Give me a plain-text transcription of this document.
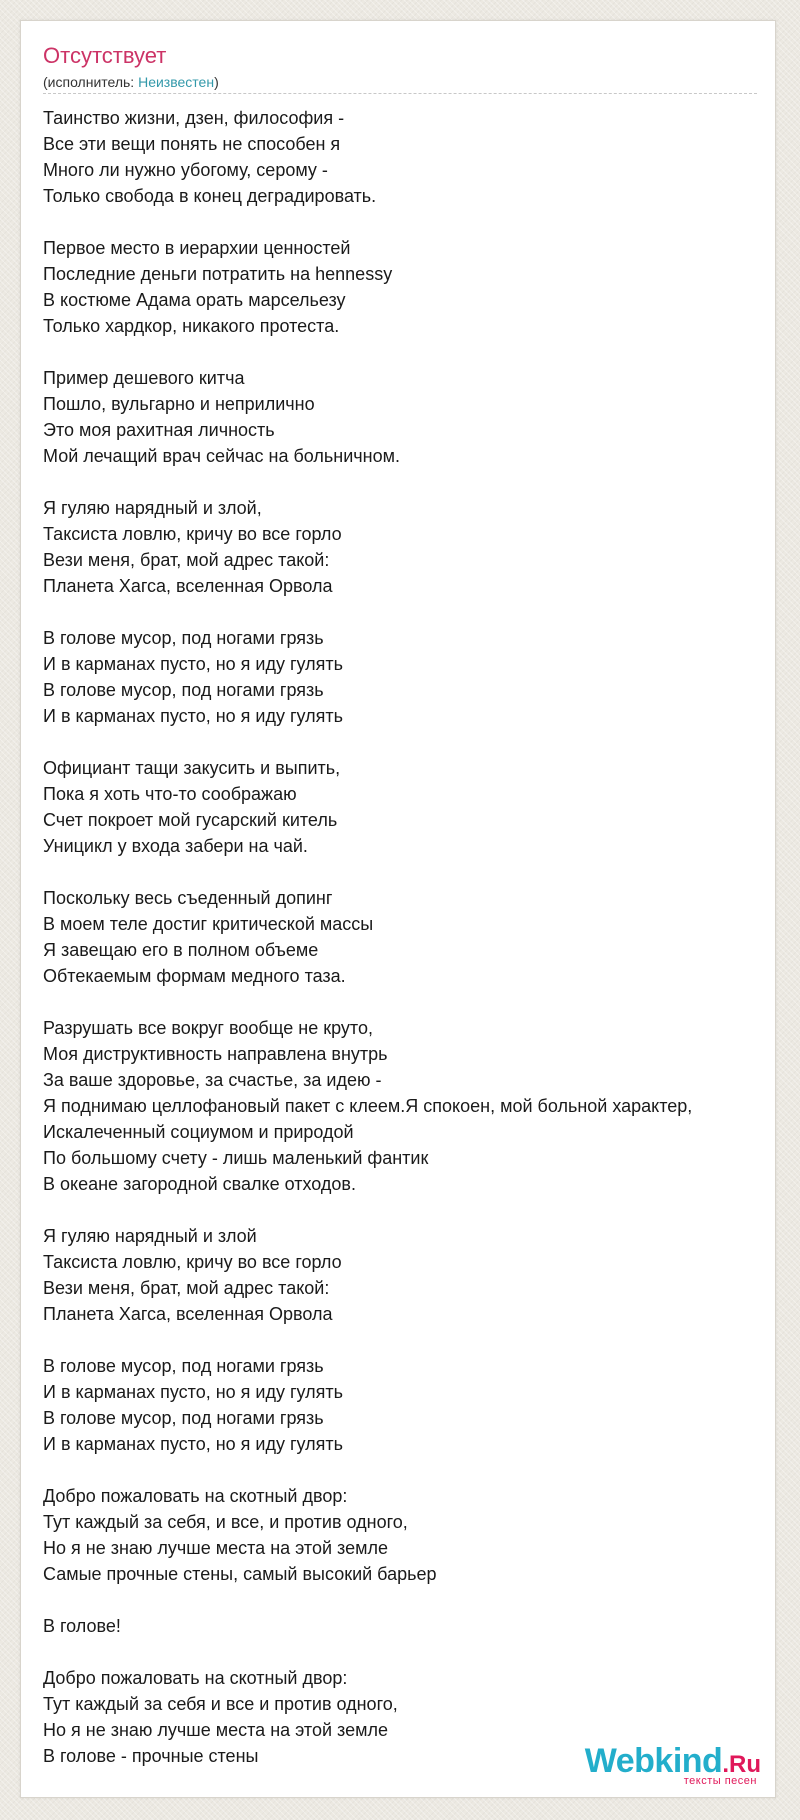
Отсутствует
(исполнитель: Неизвестен)
Таинство жизни, дзен, философия -
Все эти вещи понять не способен я
Много ли нужно убогому, серому -
Только свобода в конец деградировать.
Первое место в иерархии ценностей
Последние деньги потратить на hennessy
В костюме Адама орать марсельезу
Только хардкор, никакого протеста.
Пример дешевого китча
Пошло, вульгарно и неприлично
Это моя рахитная личность
Мой лечащий врач сейчас на больничном.
Я гуляю нарядный и злой,
Таксиста ловлю, кричу во все горло
Вези меня, брат, мой адрес такой:
Планета Хагса, вселенная Орвола
В голове мусор, под ногами грязь
И в карманах пусто, но я иду гулять
В голове мусор, под ногами грязь
И в карманах пусто, но я иду гулять
Официант тащи закусить и выпить,
Пока я хоть что-то соображаю
Счет покроет мой гусарский китель
Уницикл у входа забери на чай.
Поскольку весь съеденный допинг
В моем теле достиг критической массы
Я завещаю его в полном объеме
Обтекаемым формам медного таза.
Разрушать все вокруг вообще не круто,
Моя диструктивность направлена внутрь
За ваше здоровье, за счастье, за идею -
Я поднимаю целлофановый пакет с клеем.Я спокоен, мой больной характер,
Искалеченный социумом и природой
По большому счету - лишь маленький фантик
В океане загородной свалке отходов.
Я гуляю нарядный и злой
Таксиста ловлю, кричу во все горло
Вези меня, брат, мой адрес такой:
Планета Хагса, вселенная Орвола
В голове мусор, под ногами грязь
И в карманах пусто, но я иду гулять
В голове мусор, под ногами грязь
И в карманах пусто, но я иду гулять
Добро пожаловать на скотный двор:
Тут каждый за себя, и все, и против одного,
Но я не знаю лучше места на этой земле
Самые прочные стены, самый высокий барьер
В голове!
Добро пожаловать на скотный двор:
Тут каждый за себя и все и против одного,
Но я не знаю лучше места на этой земле
В голове - прочные стены	Webkind.Ru
тексты песен
